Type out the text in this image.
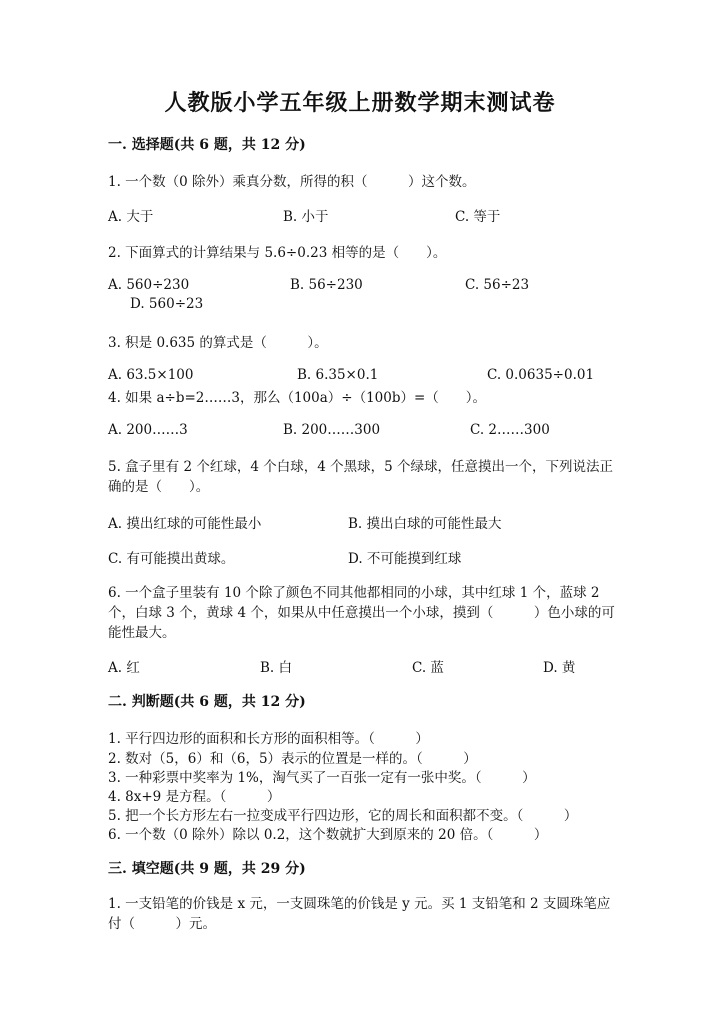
人教版小学五年级上册数学期末测试卷
一. 选择题(共 6 题，共 12 分)
1. 一个数（0 除外）乘真分数，所得的积（　　　）这个数。
A. 大于	B. 小于	C. 等于
2. 下面算式的计算结果与 5.6÷0.23 相等的是（　　）。
A. 560÷230	B. 56÷230	C. 56÷23
D. 560÷23
3. 积是 0.635 的算式是（　　　）。
A. 63.5×100	B. 6.35×0.1	C. 0.0635÷0.01
4. 如果 a÷b=2……3，那么（100a）÷（100b）=（　　）。
A. 200……3	B. 200……300	C. 2……300
5. 盒子里有 2 个红球，4 个白球，4 个黑球，5 个绿球，任意摸出一个，下列说法正确的是（　　）。
A. 摸出红球的可能性最小	B. 摸出白球的可能性最大
C. 有可能摸出黄球。	D. 不可能摸到红球
6. 一个盒子里装有 10 个除了颜色不同其他都相同的小球，其中红球 1 个，蓝球 2 个，白球 3 个，黄球 4 个，如果从中任意摸出一个小球，摸到（　　　）色小球的可能性最大。
A. 红	B. 白	C. 蓝	D. 黄
二. 判断题(共 6 题，共 12 分)
1. 平行四边形的面积和长方形的面积相等。（　　　）
2. 数对（5，6）和（6，5）表示的位置是一样的。（　　　）
3. 一种彩票中奖率为 1%，淘气买了一百张一定有一张中奖。（　　　）
4. 8x+9 是方程。（　　　）
5. 把一个长方形左右一拉变成平行四边形，它的周长和面积都不变。（　　　）
6. 一个数（0 除外）除以 0.2，这个数就扩大到原来的 20 倍。（　　　）
三. 填空题(共 9 题，共 29 分)
1. 一支铅笔的价钱是 x 元，一支圆珠笔的价钱是 y 元。买 1 支铅笔和 2 支圆珠笔应付（　　　）元。
